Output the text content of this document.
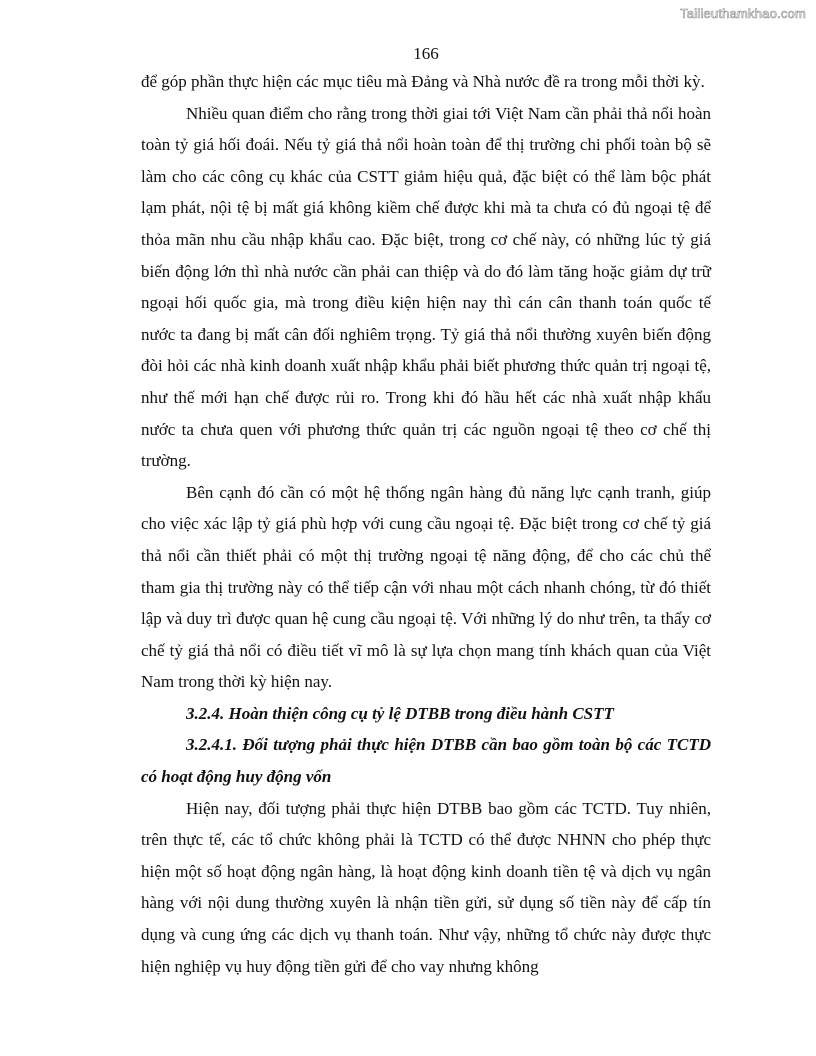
Tailieuthamkhao.com
166

để góp phần thực hiện các mục tiêu mà Đảng và Nhà nước đề ra trong mỗi thời kỳ.

Nhiều quan điểm cho rằng trong thời giai tới Việt Nam cần phải thả nổi hoàn toàn tỷ giá hối đoái. Nếu tỷ giá thả nổi hoàn toàn để thị trường chi phối toàn bộ sẽ làm cho các công cụ khác của CSTT giảm hiệu quả, đặc biệt có thể làm bộc phát lạm phát, nội tệ bị mất giá không kiềm chế được khi mà ta chưa có đủ ngoại tệ để thỏa mãn nhu cầu nhập khẩu cao. Đặc biệt, trong cơ chế này, có những lúc tỷ giá biến động lớn thì nhà nước cần phải can thiệp và do đó làm tăng hoặc giảm dự trữ ngoại hối quốc gia, mà trong điều kiện hiện nay thì cán cân thanh toán quốc tế nước ta đang bị mất cân đối nghiêm trọng. Tỷ giá thả nổi thường xuyên biến động đòi hỏi các nhà kinh doanh xuất nhập khẩu phải biết phương thức quản trị ngoại tệ, như thế mới hạn chế được rủi ro. Trong khi đó hầu hết các nhà xuất nhập khẩu nước ta chưa quen với phương thức quản trị các nguồn ngoại tệ theo cơ chế thị trường.

Bên cạnh đó cần có một hệ thống ngân hàng đủ năng lực cạnh tranh, giúp cho việc xác lập tỷ giá phù hợp với cung cầu ngoại tệ. Đặc biệt trong cơ chế tỷ giá thả nổi cần thiết phải có một thị trường ngoại tệ năng động, để cho các chủ thể tham gia thị trường này có thể tiếp cận với nhau một cách nhanh chóng, từ đó thiết lập và duy trì được quan hệ cung cầu ngoại tệ. Với những lý do như trên, ta thấy cơ chế tỷ giá thả nổi có điều tiết vĩ mô là sự lựa chọn mang tính khách quan của Việt Nam trong thời kỳ hiện nay.

3.2.4. Hoàn thiện công cụ tỷ lệ DTBB trong điều hành CSTT

3.2.4.1. Đối tượng phải thực hiện DTBB cần bao gồm toàn bộ các TCTD có hoạt động huy động vốn

Hiện nay, đối tượng phải thực hiện DTBB bao gồm các TCTD. Tuy nhiên, trên thực tế, các tổ chức không phải là TCTD có thể được NHNN cho phép thực hiện một số hoạt động ngân hàng, là hoạt động kinh doanh tiền tệ và dịch vụ ngân hàng với nội dung thường xuyên là nhận tiền gửi, sử dụng số tiền này để cấp tín dụng và cung ứng các dịch vụ thanh toán. Như vậy, những tổ chức này được thực hiện nghiệp vụ huy động tiền gửi để cho vay nhưng không
